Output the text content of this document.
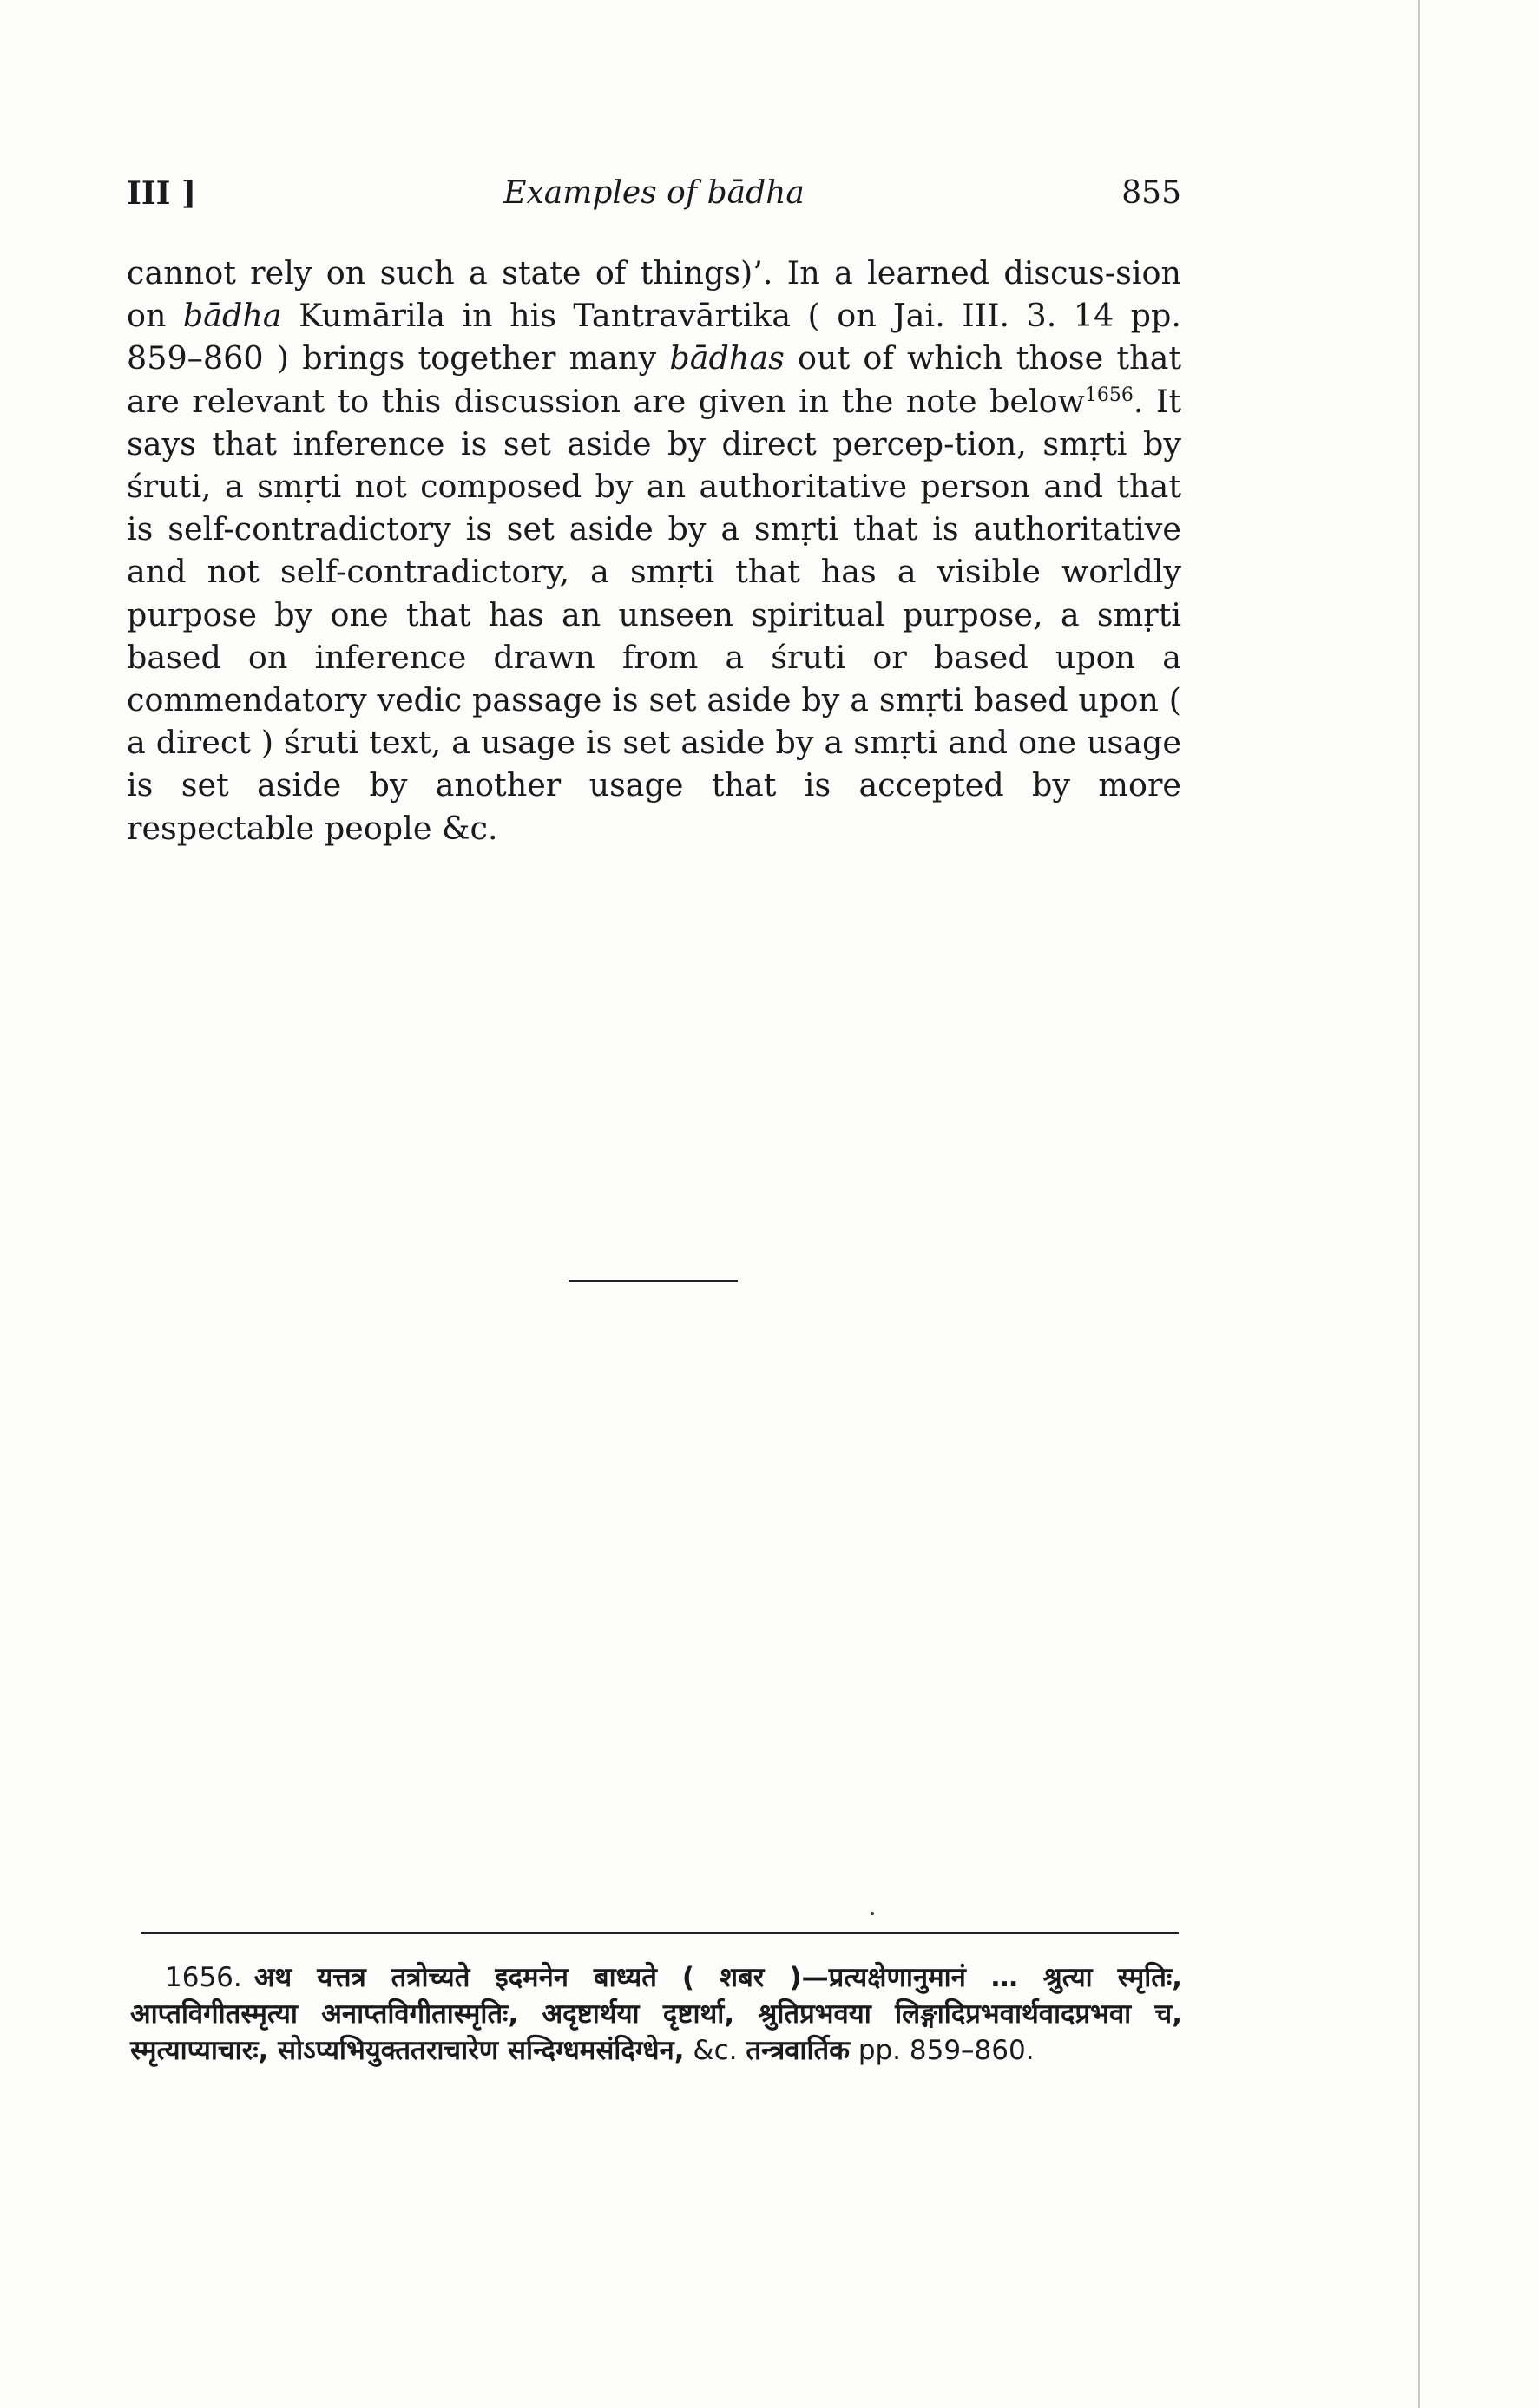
III ]	Examples of bādha	855
cannot rely on such a state of things)’. In a learned discus-sion on bādha Kumārila in his Tantravārtika ( on Jai. III. 3. 14 pp. 859–860 ) brings together many bādhas out of which those that are relevant to this discussion are given in the note below$^{1656}$. It says that inference is set aside by direct percep-tion, smṛti by śruti, a smṛti not composed by an authoritative person and that is self-contradictory is set aside by a smṛti that is authoritative and not self-contradictory, a smṛti that has a visible worldly purpose by one that has an unseen spiritual purpose, a smṛti based on inference drawn from a śruti or based upon a commendatory vedic passage is set aside by a smṛti based upon ( a direct ) śruti text, a usage is set aside by a smṛti and one usage is set aside by another usage that is accepted by more respectable people &c.
1656. अथ यत्तत्र तत्रोच्यते इदमनेन बाध्यते ( शबर )—प्रत्यक्षेणानुमानं … श्रुत्या स्मृतिः, आप्तविगीतस्मृत्या अनाप्तविगीतास्मृतिः, अदृष्टार्थया दृष्टार्था, श्रुतिप्रभवया लिङ्गादिप्रभवार्थवादप्रभवा च, स्मृत्याप्याचारः, सोऽप्यभियुक्ततराचारेण सन्दिग्धमसंदिग्धेन, &c. तन्त्रवार्तिक pp. 859–860.
